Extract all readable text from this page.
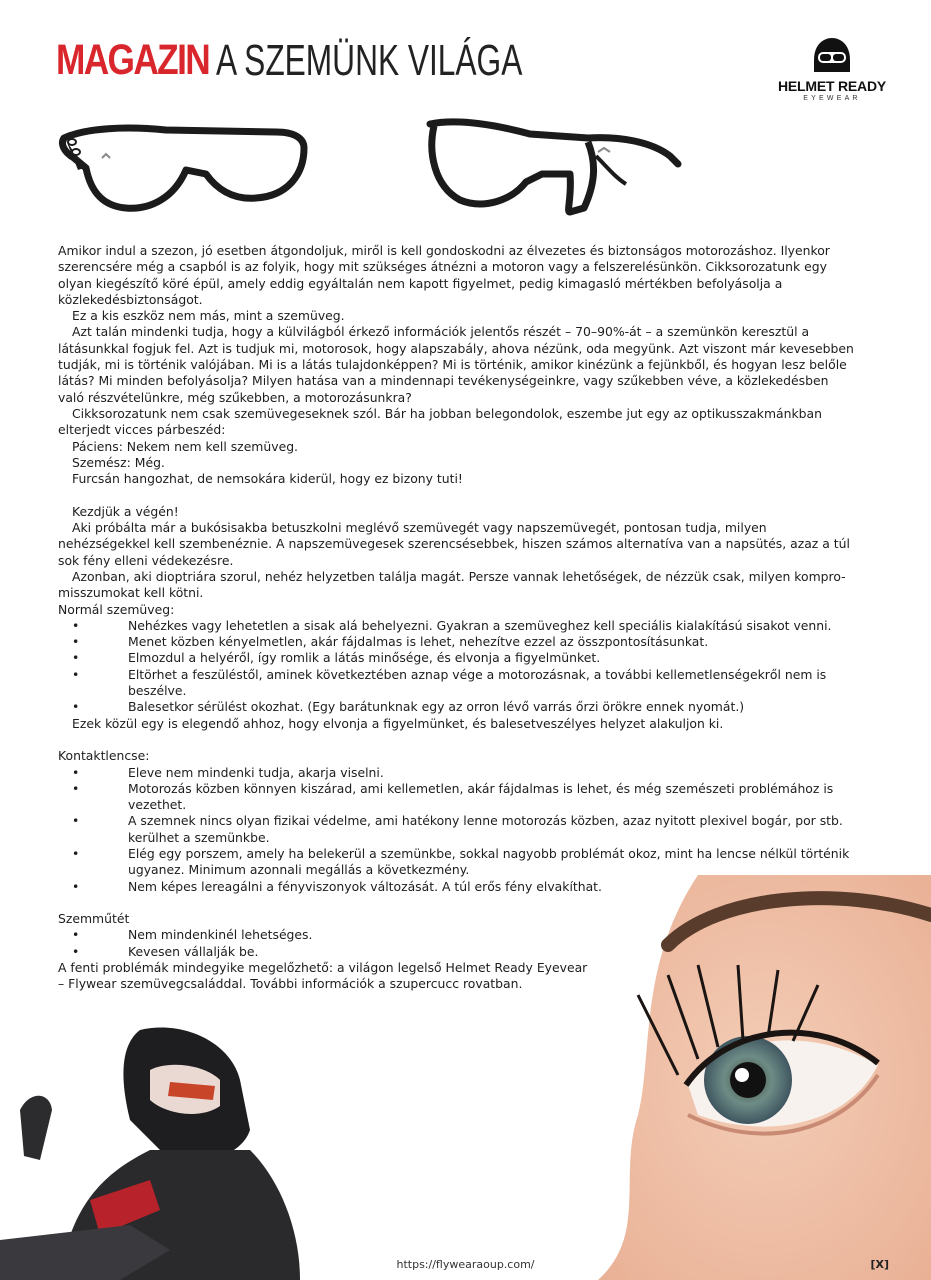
MAGAZIN A SZEMÜNK VILÁGA
HELMET READY
EYEWEAR

Amikor indul a szezon, jó esetben átgondoljuk, miről is kell gondoskodni az élvezetes és biztonságos motorozáshoz. Ilyenkor szerencsére még a csapból is az folyik, hogy mit szükséges átnézni a motoron vagy a felszerelésünkön. Cikksorozatunk egy olyan kiegészítő köré épül, amely eddig egyáltalán nem kapott figyelmet, pedig kimagasló mértékben befolyásolja a közlekedésbiztonságot.

Ez a kis eszköz nem más, mint a szemüveg.

Azt talán mindenki tudja, hogy a külvilágból érkező információk jelentős részét – 70–90%-át – a szemünkön keresztül a látásunkkal fogjuk fel. Azt is tudjuk mi, motorosok, hogy alapszabály, ahova nézünk, oda megyünk. Azt viszont már kevesebben tudják, mi is történik valójában. Mi is a látás tulajdonképpen? Mi is történik, amikor kinézünk a fejünkből, és hogyan lesz belőle látás? Mi minden befolyásolja? Milyen hatása van a mindennapi tevékenységeinkre, vagy szűkebben véve, a közlekedésben való részvételünkre, még szűkebben, a motorozásunkra?

Cikksorozatunk nem csak szemüvegeseknek szól. Bár ha jobban belegondolok, eszembe jut egy az optikusszakmánkban elterjedt vicces párbeszéd:

Páciens: Nekem nem kell szemüveg.

Szemész: Még.

Furcsán hangozhat, de nemsokára kiderül, hogy ez bizony tuti!

Kezdjük a végén!

Aki próbálta már a bukósisakba betuszkolni meglévő szemüvegét vagy napszemüvegét, pontosan tudja, milyen nehézségekkel kell szembenéznie. A napszemüvegesek szerencsésebbek, hiszen számos alternatíva van a napsütés, azaz a túl sok fény elleni védekezésre.

Azonban, aki dioptriára szorul, nehéz helyzetben találja magát. Persze vannak lehetőségek, de nézzük csak, milyen kompro-misszumokat kell kötni.

Normál szemüveg:

•	Nehézkes vagy lehetetlen a sisak alá behelyezni. Gyakran a szemüveghez kell speciális kialakítású sisakot venni.
•	Menet közben kényelmetlen, akár fájdalmas is lehet, nehezítve ezzel az összpontosításunkat.
•	Elmozdul a helyéről, így romlik a látás minősége, és elvonja a figyelmünket.
•	Eltörhet a feszüléstől, aminek következtében aznap vége a motorozásnak, a további kellemetlenségekről nem is beszélve.
•	Balesetkor sérülést okozhat. (Egy barátunknak egy az orron lévő varrás őrzi örökre ennek nyomát.)

Ezek közül egy is elegendő ahhoz, hogy elvonja a figyelmünket, és balesetveszélyes helyzet alakuljon ki.

Kontaktlencse:

•	Eleve nem mindenki tudja, akarja viselni.
•	Motorozás közben könnyen kiszárad, ami kellemetlen, akár fájdalmas is lehet, és még szemészeti problémához is vezethet.
•	A szemnek nincs olyan fizikai védelme, ami hatékony lenne motorozás közben, azaz nyitott plexivel bogár, por stb. kerülhet a szemünkbe.
•	Elég egy porszem, amely ha belekerül a szemünkbe, sokkal nagyobb problémát okoz, mint ha lencse nélkül történik ugyanez. Minimum azonnali megállás a következmény.
•	Nem képes lereagálni a fényviszonyok változását. A túl erős fény elvakíthat.

Szemműtét

•	Nem mindenkinél lehetséges.
•	Kevesen vállalják be.

A fenti problémák mindegyike megelőzhető: a világon legelső Helmet Ready Eyevear – Flywear szemüvegcsaláddal. További információk a szupercucc rovatban.

https://flywearaoup.com/	[X]
